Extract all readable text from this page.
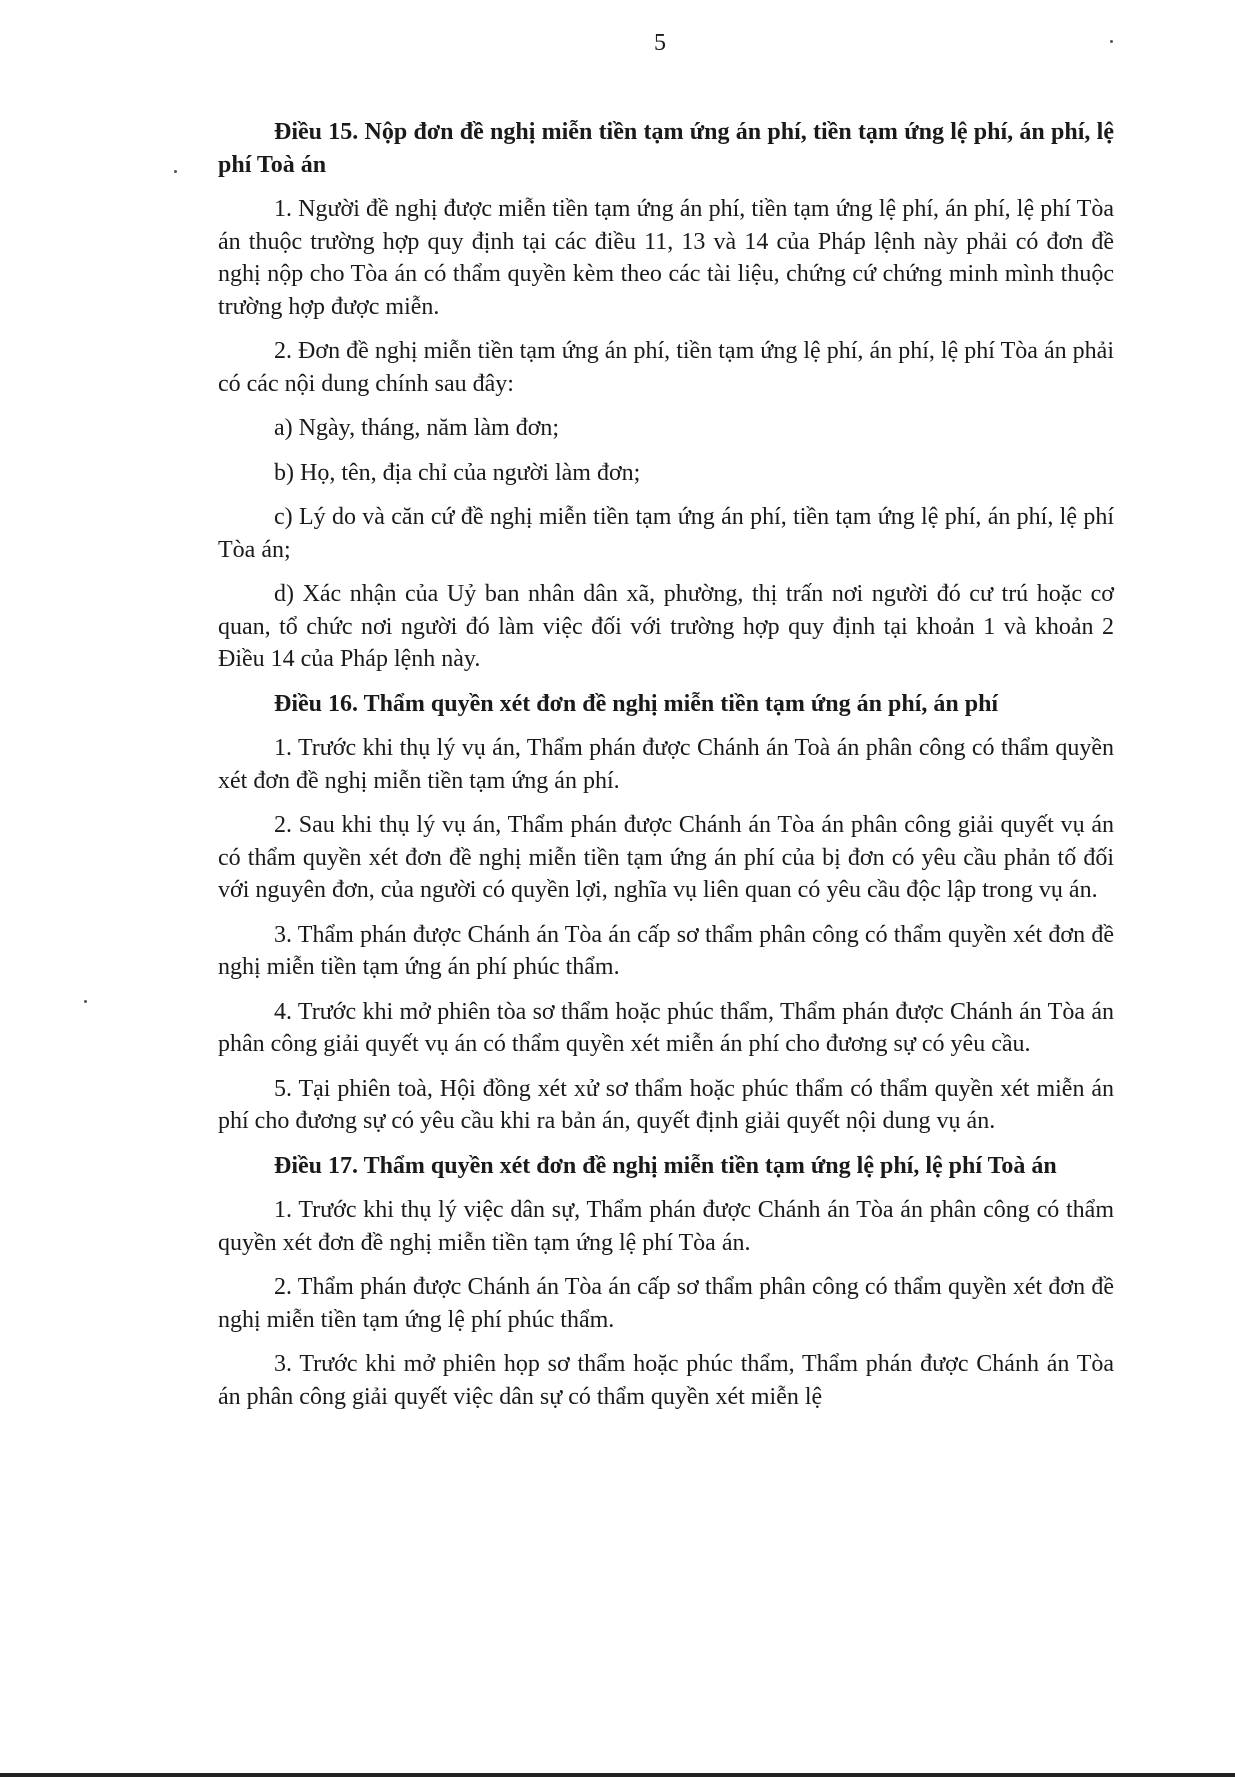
5
Điều 15. Nộp đơn đề nghị miễn tiền tạm ứng án phí, tiền tạm ứng lệ phí, án phí, lệ phí Toà án

1. Người đề nghị được miễn tiền tạm ứng án phí, tiền tạm ứng lệ phí, án phí, lệ phí Tòa án thuộc trường hợp quy định tại các điều 11, 13 và 14 của Pháp lệnh này phải có đơn đề nghị nộp cho Tòa án có thẩm quyền kèm theo các tài liệu, chứng cứ chứng minh mình thuộc trường hợp được miễn.

2. Đơn đề nghị miễn tiền tạm ứng án phí, tiền tạm ứng lệ phí, án phí, lệ phí Tòa án phải có các nội dung chính sau đây:

a) Ngày, tháng, năm làm đơn;

b) Họ, tên, địa chỉ của người làm đơn;

c) Lý do và căn cứ đề nghị miễn tiền tạm ứng án phí, tiền tạm ứng lệ phí, án phí, lệ phí Tòa án;

d) Xác nhận của Uỷ ban nhân dân xã, phường, thị trấn nơi người đó cư trú hoặc cơ quan, tổ chức nơi người đó làm việc đối với trường hợp quy định tại khoản 1 và khoản 2 Điều 14 của Pháp lệnh này.

Điều 16. Thẩm quyền xét đơn đề nghị miễn tiền tạm ứng án phí, án phí

1. Trước khi thụ lý vụ án, Thẩm phán được Chánh án Toà án phân công có thẩm quyền xét đơn đề nghị miễn tiền tạm ứng án phí.

2. Sau khi thụ lý vụ án, Thẩm phán được Chánh án Tòa án phân công giải quyết vụ án có thẩm quyền xét đơn đề nghị miễn tiền tạm ứng án phí của bị đơn có yêu cầu phản tố đối với nguyên đơn, của người có quyền lợi, nghĩa vụ liên quan có yêu cầu độc lập trong vụ án.

3. Thẩm phán được Chánh án Tòa án cấp sơ thẩm phân công có thẩm quyền xét đơn đề nghị miễn tiền tạm ứng án phí phúc thẩm.

4. Trước khi mở phiên tòa sơ thẩm hoặc phúc thẩm, Thẩm phán được Chánh án Tòa án phân công giải quyết vụ án có thẩm quyền xét miễn án phí cho đương sự có yêu cầu.

5. Tại phiên toà, Hội đồng xét xử sơ thẩm hoặc phúc thẩm có thẩm quyền xét miễn án phí cho đương sự có yêu cầu khi ra bản án, quyết định giải quyết nội dung vụ án.

Điều 17. Thẩm quyền xét đơn đề nghị miễn tiền tạm ứng lệ phí, lệ phí Toà án

1. Trước khi thụ lý việc dân sự, Thẩm phán được Chánh án Tòa án phân công có thẩm quyền xét đơn đề nghị miễn tiền tạm ứng lệ phí Tòa án.

2. Thẩm phán được Chánh án Tòa án cấp sơ thẩm phân công có thẩm quyền xét đơn đề nghị miễn tiền tạm ứng lệ phí phúc thẩm.

3. Trước khi mở phiên họp sơ thẩm hoặc phúc thẩm, Thẩm phán được Chánh án Tòa án phân công giải quyết việc dân sự có thẩm quyền xét miễn lệ
